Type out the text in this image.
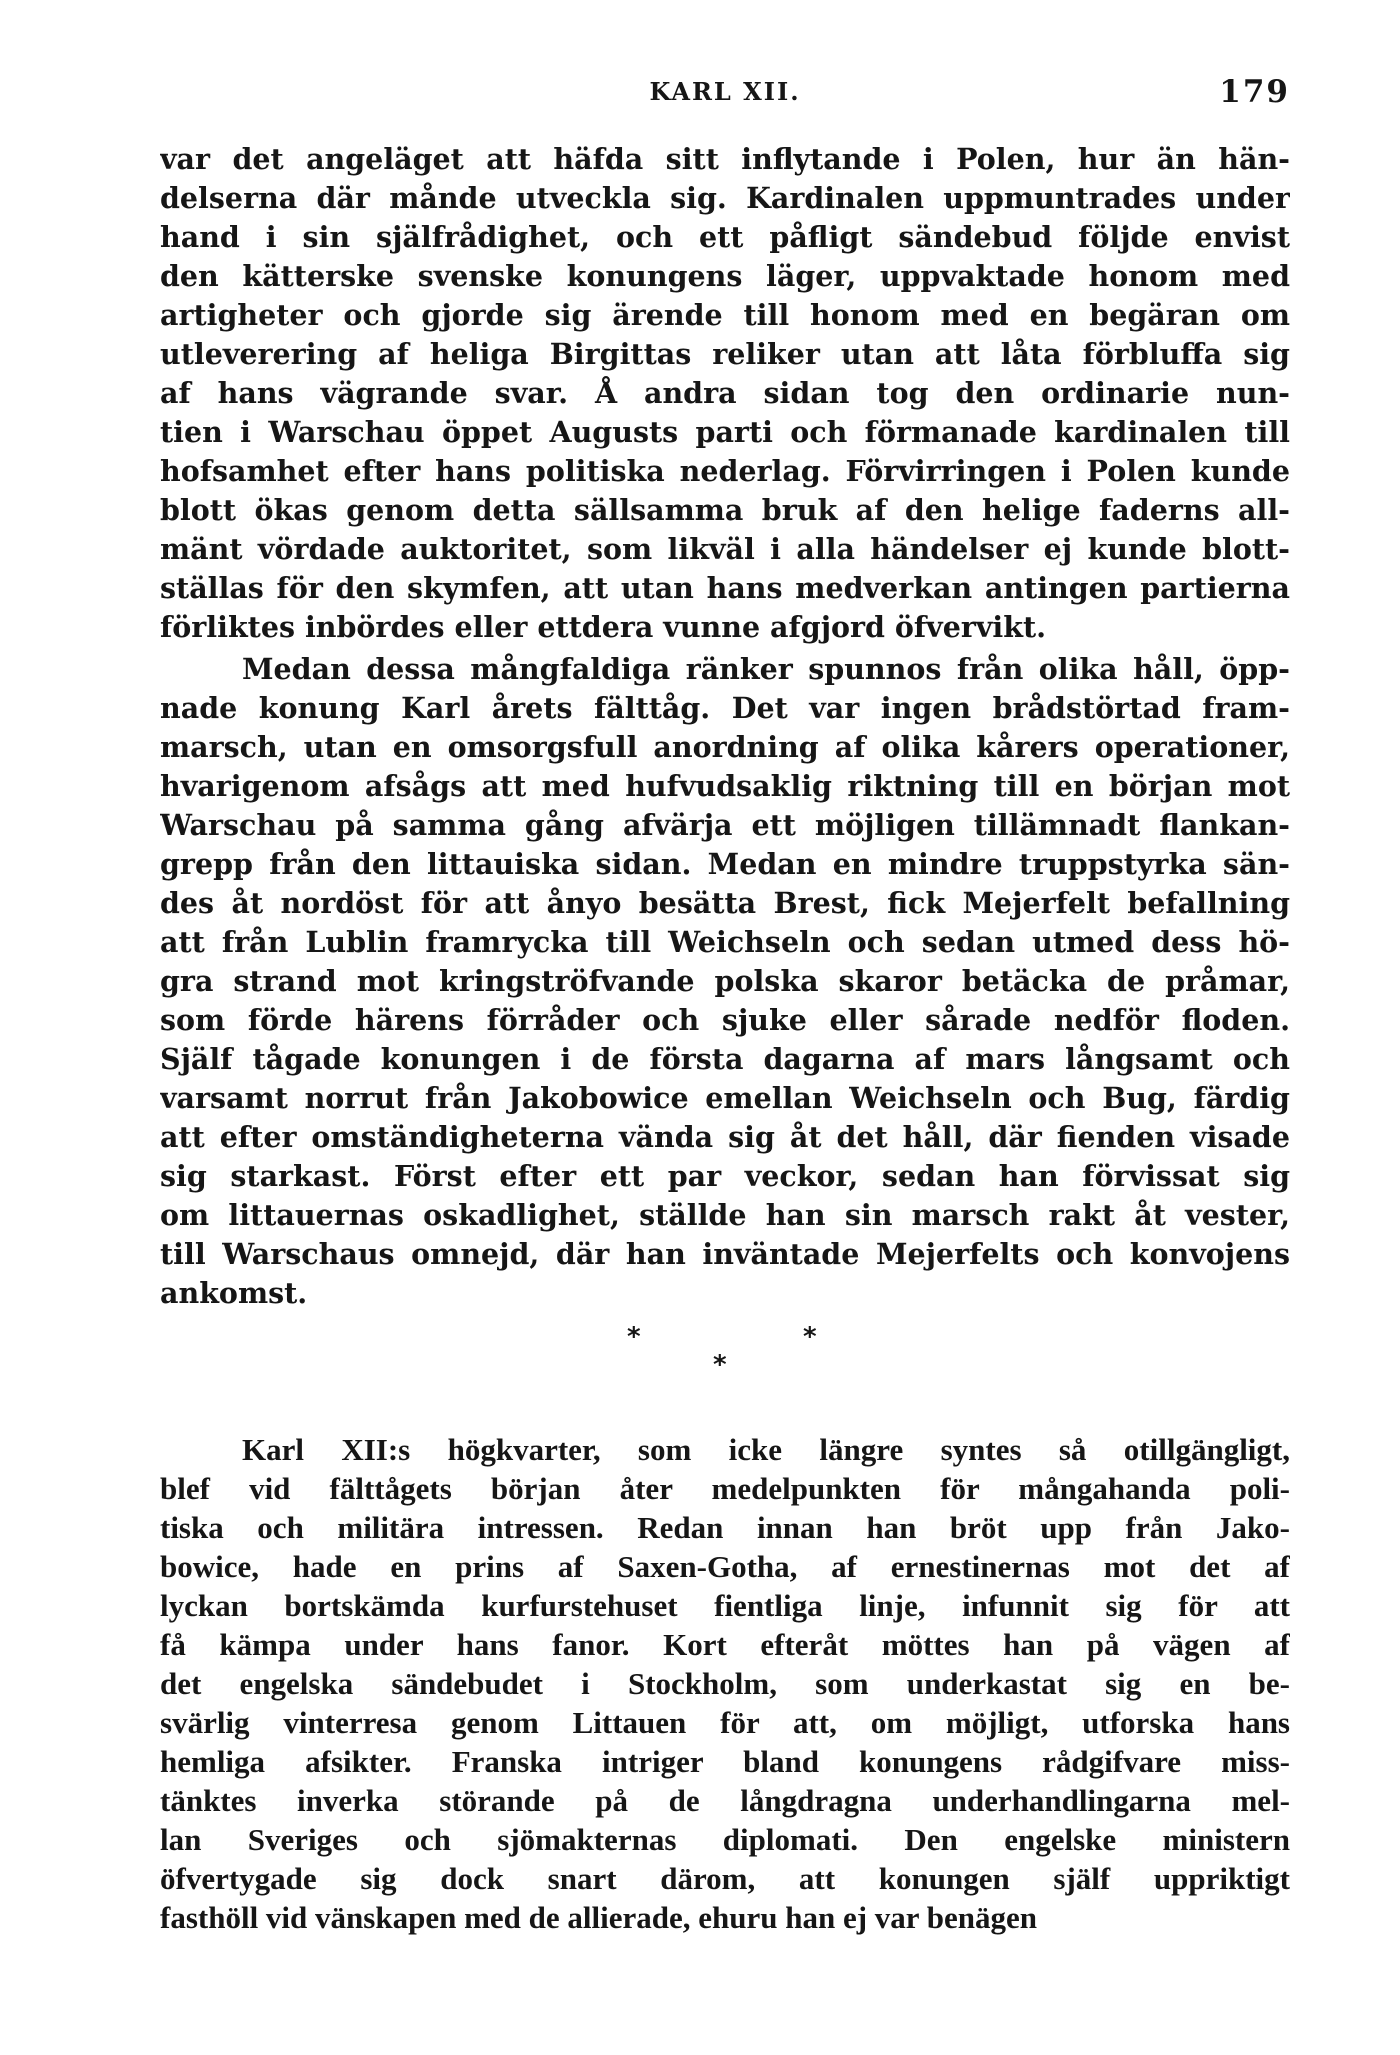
KARL XII.	179
var det angeläget att häfda sitt inflytande i Polen, hur än hän-
delserna där månde utveckla sig. Kardinalen uppmuntrades under
hand i sin själfrådighet, och ett påfligt sändebud följde envist
den kätterske svenske konungens läger, uppvaktade honom med
artigheter och gjorde sig ärende till honom med en begäran om
utleverering af heliga Birgittas reliker utan att låta förbluffa sig
af hans vägrande svar. Å andra sidan tog den ordinarie nun-
tien i Warschau öppet Augusts parti och förmanade kardinalen till
hofsamhet efter hans politiska nederlag. Förvirringen i Polen kunde
blott ökas genom detta sällsamma bruk af den helige faderns all-
mänt vördade auktoritet, som likväl i alla händelser ej kunde blott-
ställas för den skymfen, att utan hans medverkan antingen partierna
förliktes inbördes eller ettdera vunne afgjord öfvervikt.
Medan dessa mångfaldiga ränker spunnos från olika håll, öpp-
nade konung Karl årets fälttåg. Det var ingen brådstörtad fram-
marsch, utan en omsorgsfull anordning af olika kårers operationer,
hvarigenom afsågs att med hufvudsaklig riktning till en början mot
Warschau på samma gång afvärja ett möjligen tillämnadt flankan-
grepp från den littauiska sidan. Medan en mindre truppstyrka sän-
des åt nordöst för att ånyo besätta Brest, fick Mejerfelt befallning
att från Lublin framrycka till Weichseln och sedan utmed dess hö-
gra strand mot kringströfvande polska skaror betäcka de pråmar,
som förde härens förråder och sjuke eller sårade nedför floden.
Själf tågade konungen i de första dagarna af mars långsamt och
varsamt norrut från Jakobowice emellan Weichseln och Bug, färdig
att efter omständigheterna vända sig åt det håll, där fienden visade
sig starkast. Först efter ett par veckor, sedan han förvissat sig
om littauernas oskadlighet, ställde han sin marsch rakt åt vester,
till Warschaus omnejd, där han inväntade Mejerfelts och konvojens
ankomst.
*	*
*
Karl XII:s högkvarter, som icke längre syntes så otillgängligt,
blef vid fälttågets början åter medelpunkten för mångahanda poli-
tiska och militära intressen. Redan innan han bröt upp från Jako-
bowice, hade en prins af Saxen-Gotha, af ernestinernas mot det af
lyckan bortskämda kurfurstehuset fientliga linje, infunnit sig för att
få kämpa under hans fanor. Kort efteråt möttes han på vägen af
det engelska sändebudet i Stockholm, som underkastat sig en be-
svärlig vinterresa genom Littauen för att, om möjligt, utforska hans
hemliga afsikter. Franska intriger bland konungens rådgifvare miss-
tänktes inverka störande på de långdragna underhandlingarna mel-
lan Sveriges och sjömakternas diplomati. Den engelske ministern
öfvertygade sig dock snart därom, att konungen själf uppriktigt
fasthöll vid vänskapen med de allierade, ehuru han ej var benägen
